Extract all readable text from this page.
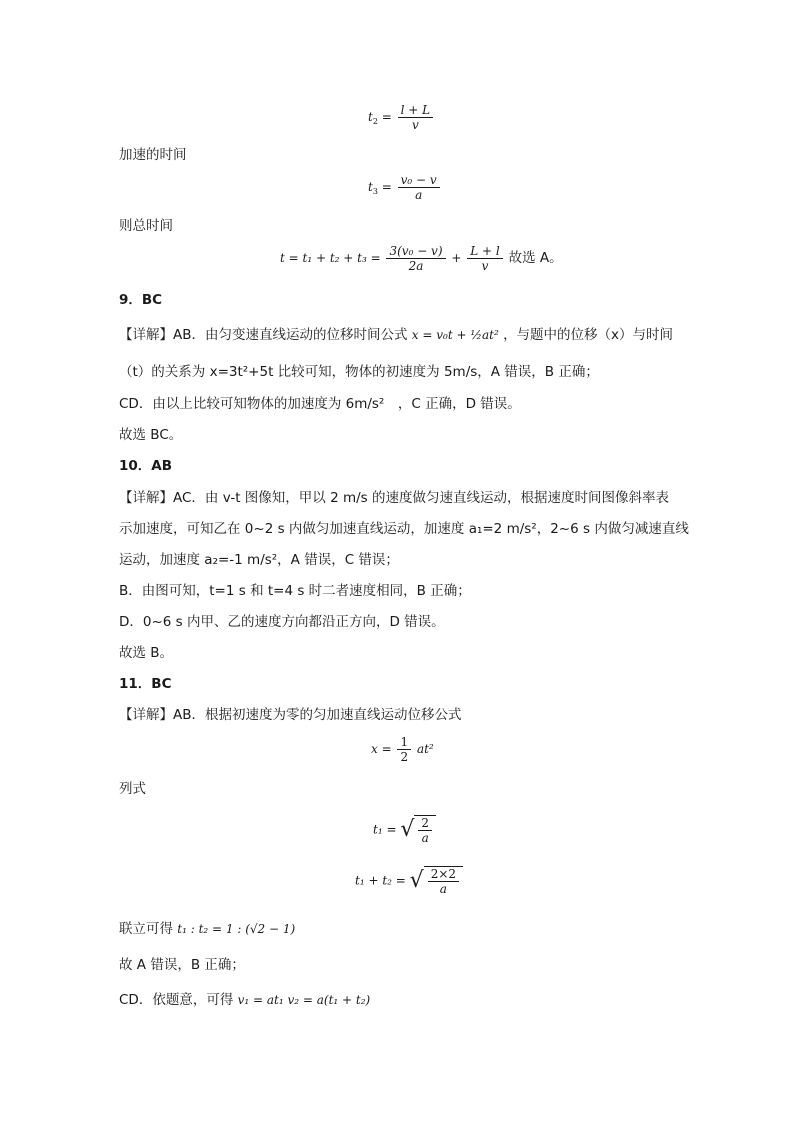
$t_2 = \frac{l + L}{v}$
加速的时间
$t_3 = \frac{\text{v₀ − v}}{a}$
则总时间
$t = t_1 + t_2 + t_3 = \frac{\text{3(v₀ − v)}}{2a} + \frac{L + l}{v}$ 故选 A。
9．BC
【详解】AB．由匀变速直线运动的位移时间公式 x = v₀t + ½at² ，与题中的位移（x）与时间
（t）的关系为 x=3t²+5t 比较可知，物体的初速度为 5m/s，A 错误，B 正确；
CD．由以上比较可知物体的加速度为 6m/s²　，C 正确，D 错误。
故选 BC。
10．AB
【详解】AC．由 v-t 图像知，甲以 2 m/s 的速度做匀速直线运动，根据速度时间图像斜率表
示加速度，可知乙在 0~2 s 内做匀加速直线运动，加速度 a₁=2 m/s²，2~6 s 内做匀减速直线
运动，加速度 a₂=-1 m/s²，A 错误，C 错误；
B．由图可知，t=1 s 和 t=4 s 时二者速度相同，B 正确；
D．0~6 s 内甲、乙的速度方向都沿正方向，D 错误。
故选 B。
11．BC
【详解】AB．根据初速度为零的匀加速直线运动位移公式
$x = \frac{1}{2} at^2$
列式
t₁ = √ $\frac{2}{a}$
t₁ + t₂ = √ $\frac{2\times 2}{a}$
联立可得 t₁ : t₂ = 1 : (√2 − 1)
故 A 错误，B 正确；
CD．依题意，可得 v₁ = at₁ v₂ = a(t₁ + t₂)
